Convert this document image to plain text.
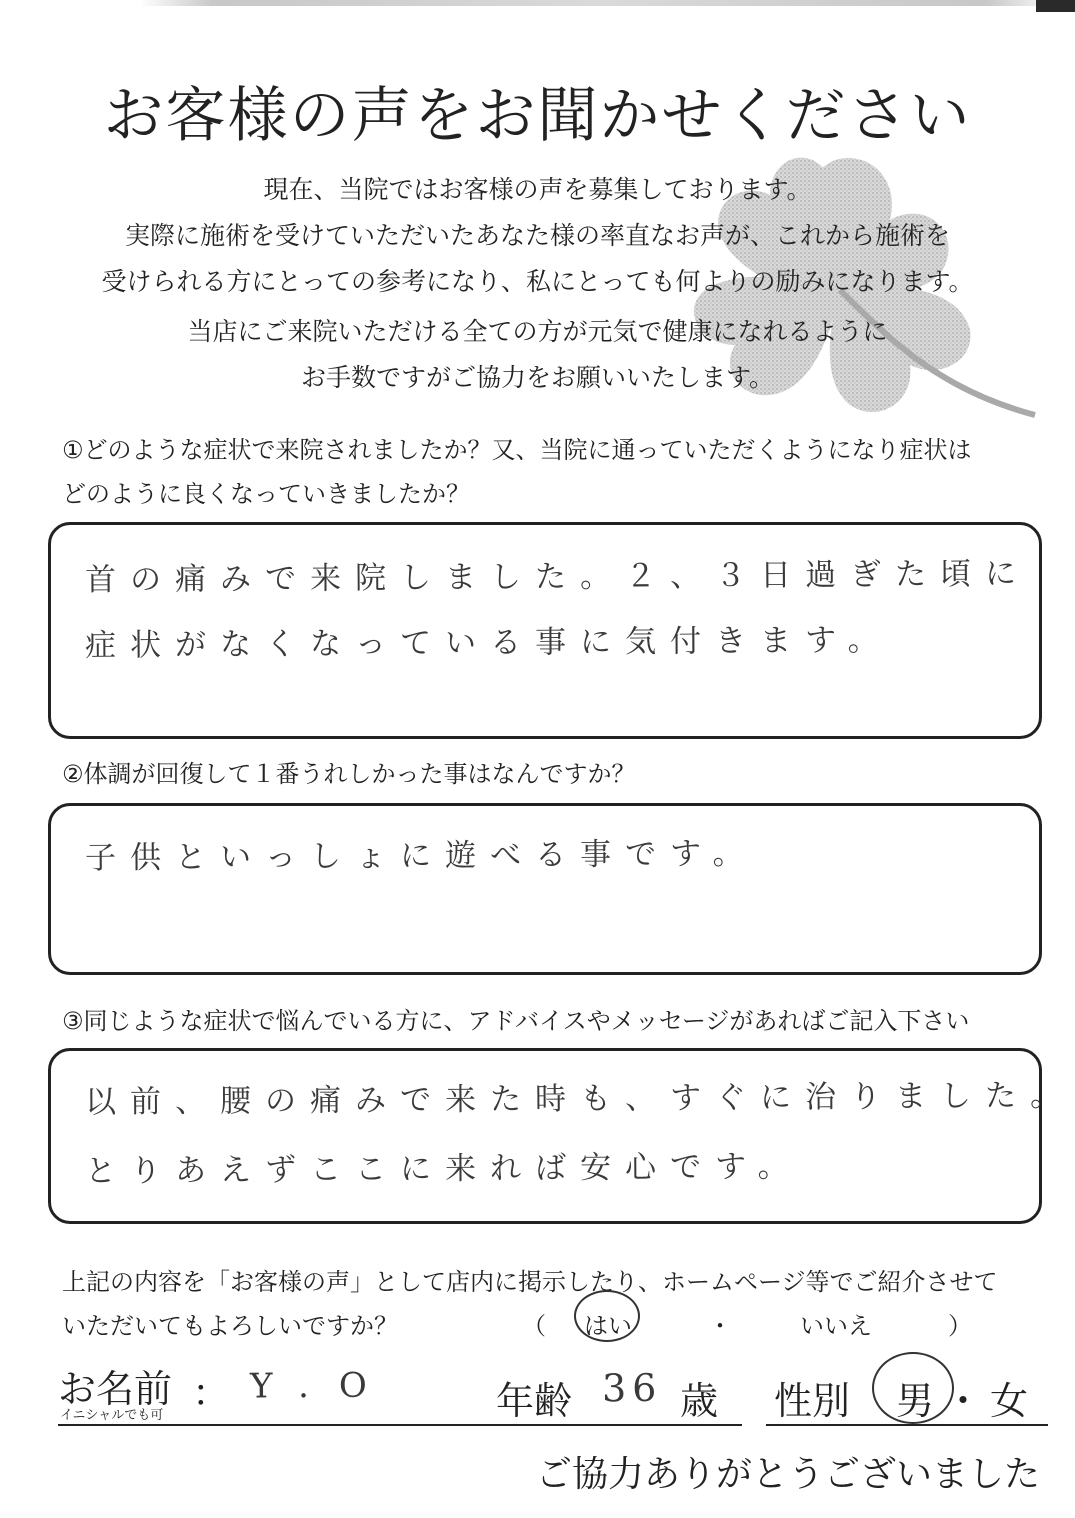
お客様の声をお聞かせください
現在、当院ではお客様の声を募集しております。
実際に施術を受けていただいたあなた様の率直なお声が、これから施術を
受けられる方にとっての参考になり、私にとっても何よりの励みになります。
当店にご来院いただける全ての方が元気で健康になれるように
お手数ですがご協力をお願いいたします。
①どのような症状で来院されましたか？又、当院に通っていただくようになり症状は
どのように良くなっていきましたか？
首の痛みで来院しました。２、３日過ぎた頃に
症状がなくなっている事に気付きます。
②体調が回復して１番うれしかった事はなんですか？
子供といっしょに遊べる事です。
③同じような症状で悩んでいる方に、アドバイスやメッセージがあればご記入下さい
以前、腰の痛みで来た時も、すぐに治りました。
とりあえずここに来れば安心です。
上記の内容を「お客様の声」として店内に掲示したり、ホームページ等でご紹介させて
いただいてもよろしいですか？	（ はい	・	いいえ	）
お名前 ：
イニシャルでも可
Y.O	年齢 36 歳 性別 男 ・ 女
ご協力ありがとうございました
